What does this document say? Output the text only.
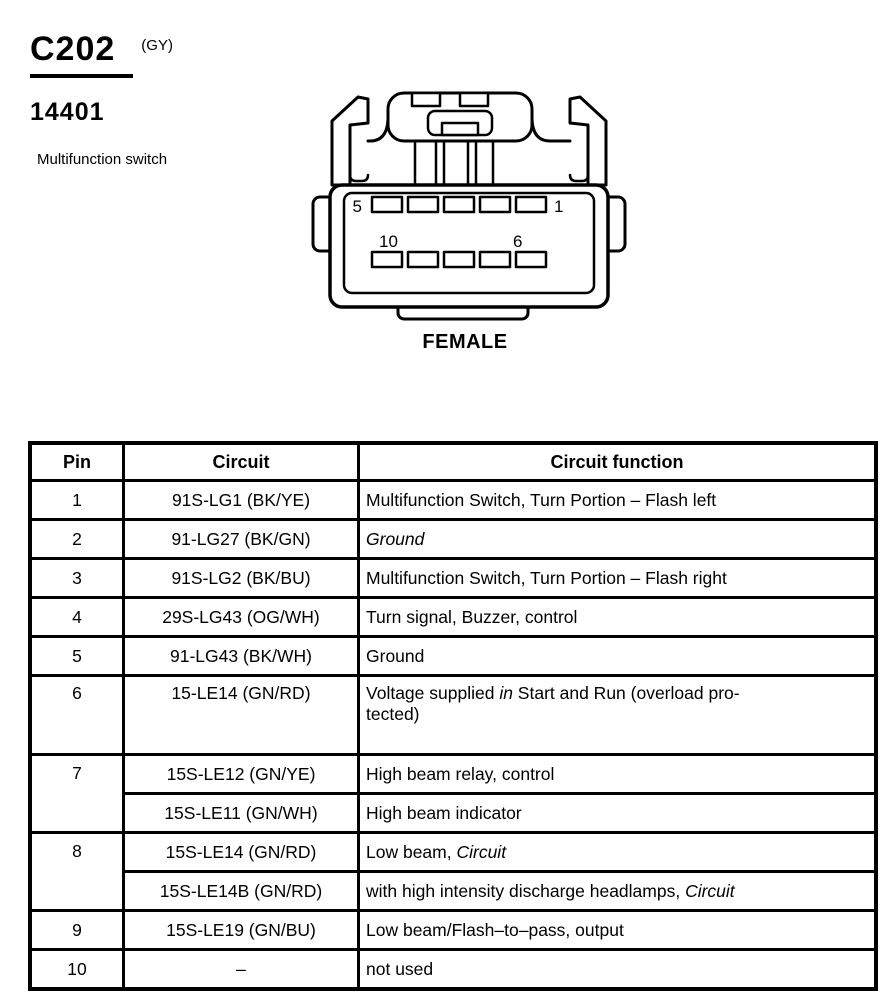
C202 (GY)
14401
Multifunction switch
5	1
10	6
FEMALE
Pin	Circuit	Circuit function
1	91S-LG1 (BK/YE)	Multifunction Switch, Turn Portion – Flash left
2	91-LG27 (BK/GN)	Ground
3	91S-LG2 (BK/BU)	Multifunction Switch, Turn Portion – Flash right
4	29S-LG43 (OG/WH)	Turn signal, Buzzer, control
5	91-LG43 (BK/WH)	Ground
6	15-LE14 (GN/RD)	Voltage supplied in Start and Run (overload pro-
tected)
7	15S-LE12 (GN/YE)	High beam relay, control
	15S-LE11 (GN/WH)	High beam indicator
8	15S-LE14 (GN/RD)	Low beam, Circuit
	15S-LE14B (GN/RD)	with high intensity discharge headlamps, Circuit
9	15S-LE19 (GN/BU)	Low beam/Flash–to–pass, output
10	–	not used
